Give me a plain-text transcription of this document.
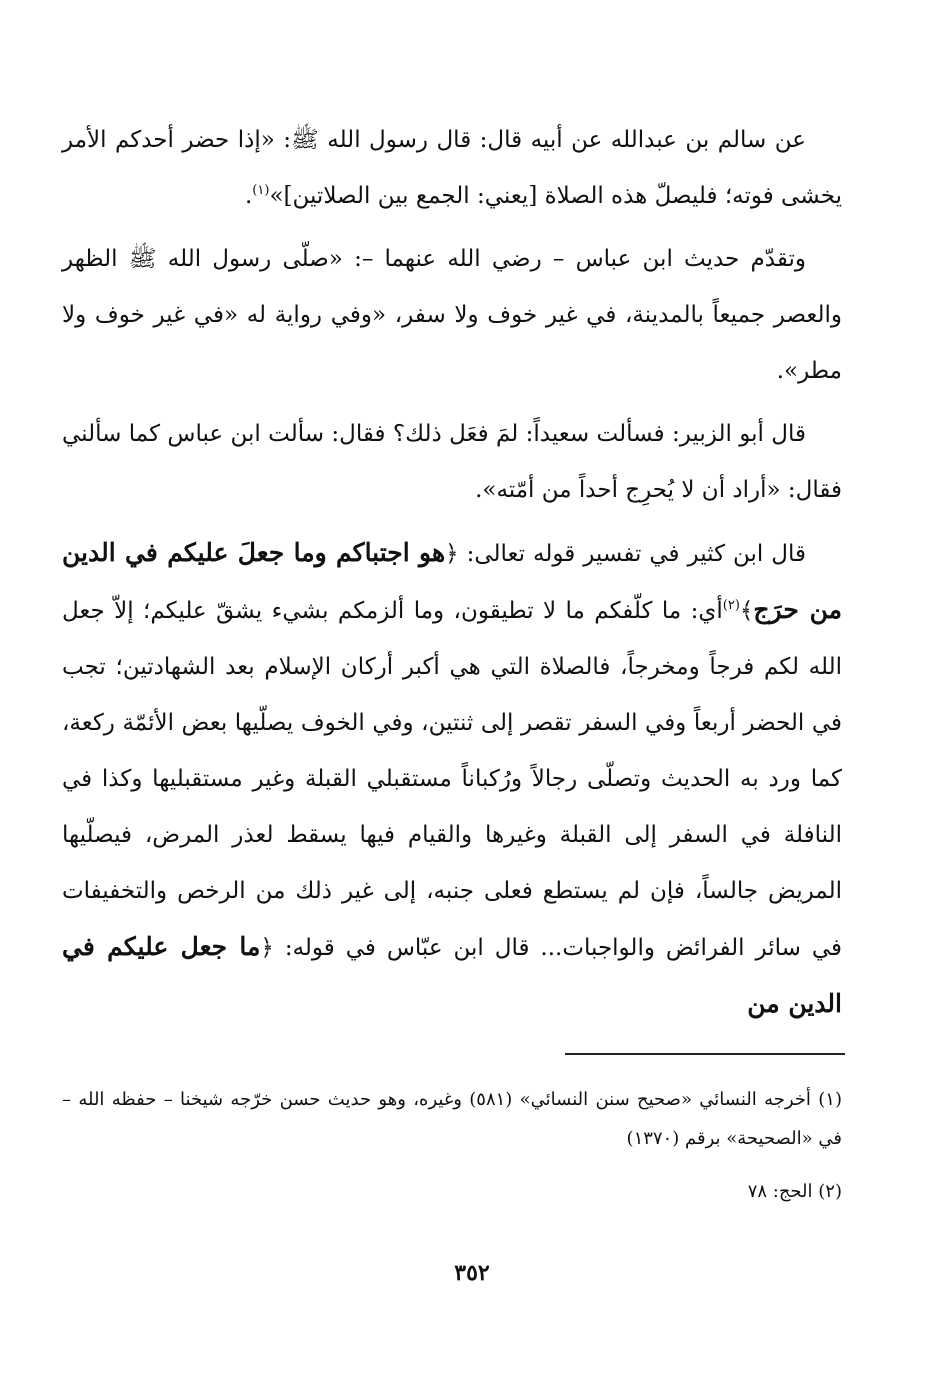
عن سالم بن عبدالله عن أبيه قال: قال رسول الله ﷺ: «إذا حضر أحدكم الأمر يخشى فوته؛ فليصلّ هذه الصلاة [يعني: الجمع بين الصلاتين]»$^{(١)}$.

وتقدّم حديث ابن عباس – رضي الله عنهما –: «صلّى رسول الله ﷺ الظهر والعصر جميعاً بالمدينة، في غير خوف ولا سفر، «وفي رواية له «في غير خوف ولا مطر».

قال أبو الزبير: فسألت سعيداً: لمَ فعَل ذلك؟ فقال: سألت ابن عباس كما سألني فقال: «أراد أن لا يُحرِج أحداً من أمّته».

قال ابن كثير في تفسير قوله تعالى: ﴿هو اجتباكم وما جعلَ عليكم في الدين من حرَج﴾$^{(٢)}$أي: ما كلّفكم ما لا تطيقون، وما ألزمكم بشيء يشقّ عليكم؛ إلاّ جعل الله لكم فرجاً ومخرجاً، فالصلاة التي هي أكبر أركان الإسلام بعد الشهادتين؛ تجب في الحضر أربعاً وفي السفر تقصر إلى ثنتين، وفي الخوف يصلّيها بعض الأئمّة ركعة، كما ورد به الحديث وتصلّى رجالاً ورُكباناً مستقبلي القبلة وغير مستقبليها وكذا في النافلة في السفر إلى القبلة وغيرها والقيام فيها يسقط لعذر المرض، فيصلّيها المريض جالساً، فإن لم يستطع فعلى جنبه، إلى غير ذلك من الرخص والتخفيفات في سائر الفرائض والواجبات... قال ابن عبّاس في قوله: ﴿ما جعل عليكم في الدين من

(١) أخرجه النسائي «صحيح سنن النسائي» (٥٨١) وغيره، وهو حديث حسن خرّجه شيخنا – حفظه الله – في «الصحيحة» برقم (١٣٧٠)

(٢) الحج: ٧٨

٣٥٢
